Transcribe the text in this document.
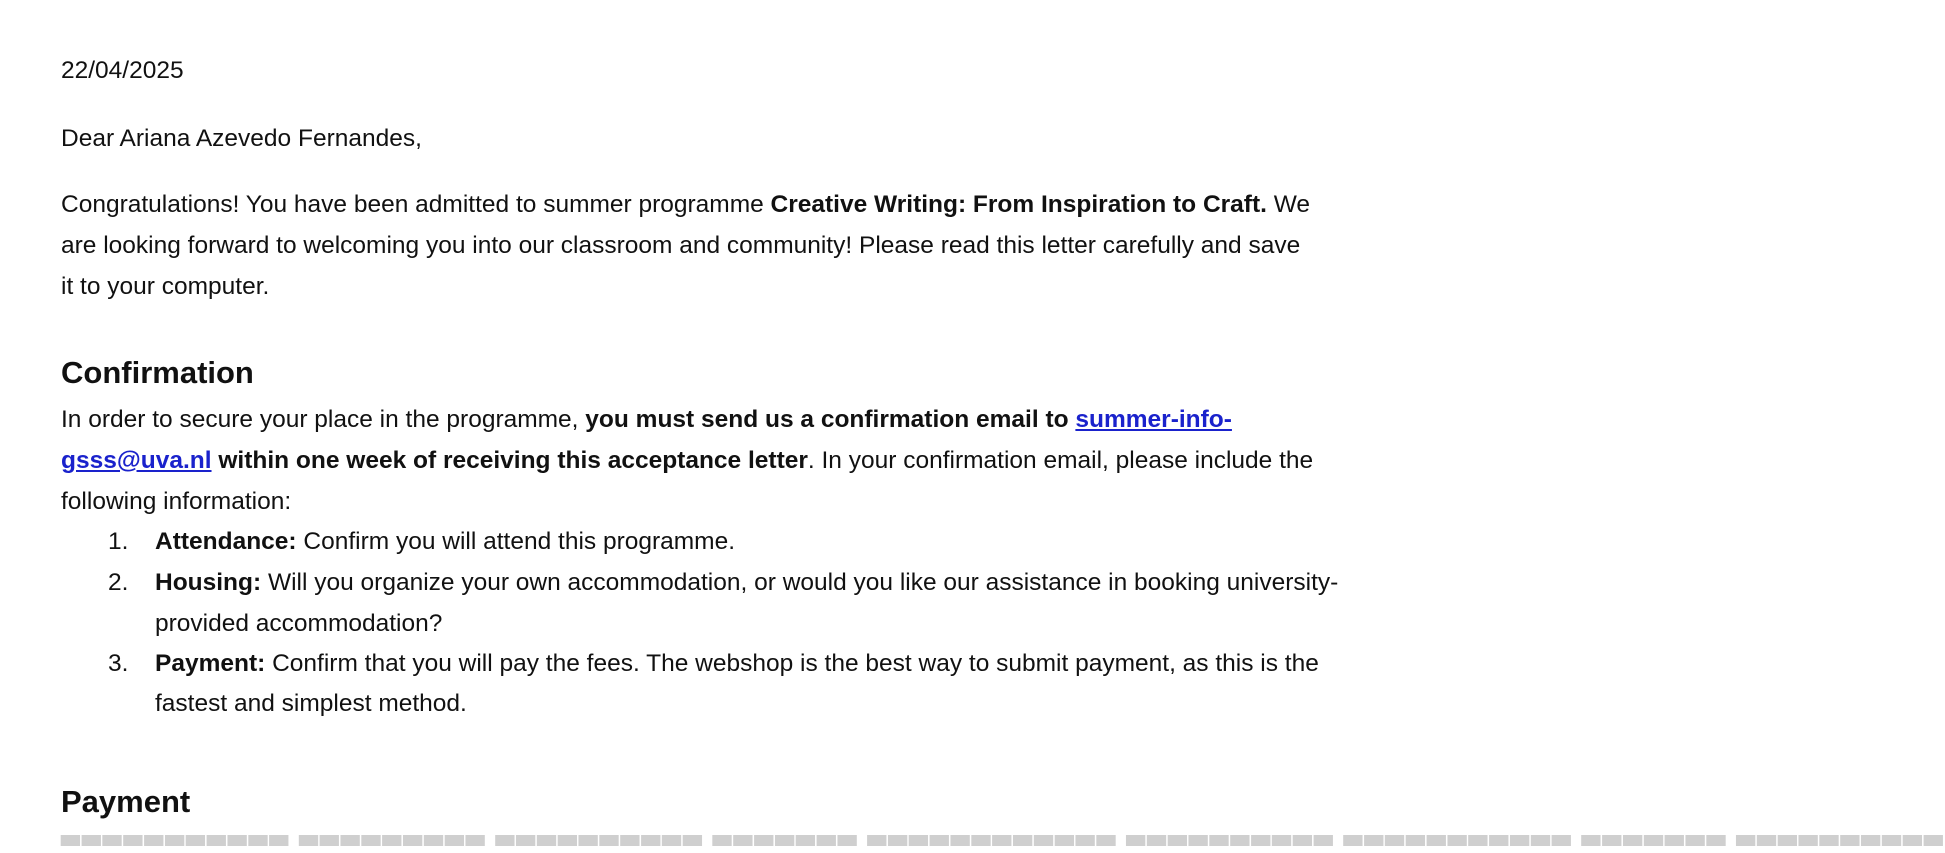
22/04/2025
Dear Ariana Azevedo Fernandes,
Congratulations! You have been admitted to summer programme Creative Writing: From Inspiration to Craft. We
are looking forward to welcoming you into our classroom and community! Please read this letter carefully and save
it to your computer.
Confirmation
In order to secure your place in the programme, you must send us a confirmation email to summer-info-
gsss@uva.nl within one week of receiving this acceptance letter. In your confirmation email, please include the
following information:
1.	Attendance: Confirm you will attend this programme.
2.	Housing: Will you organize your own accommodation, or would you like our assistance in booking university-
provided accommodation?
3.	Payment: Confirm that you will pay the fees. The webshop is the best way to submit payment, as this is the
fastest and simplest method.
Payment
▃▃▃▃▃▃▃▃▃▃▃ ▃▃▃▃▃▃▃▃▃ ▃▃▃▃▃▃▃▃▃▃ ▃▃▃▃▃▃▃ ▃▃▃▃▃▃▃▃▃▃▃▃ ▃▃▃▃▃▃▃▃▃▃ ▃▃▃▃▃▃▃▃▃▃▃ ▃▃▃▃▃▃▃ ▃▃▃▃▃▃▃▃▃▃
